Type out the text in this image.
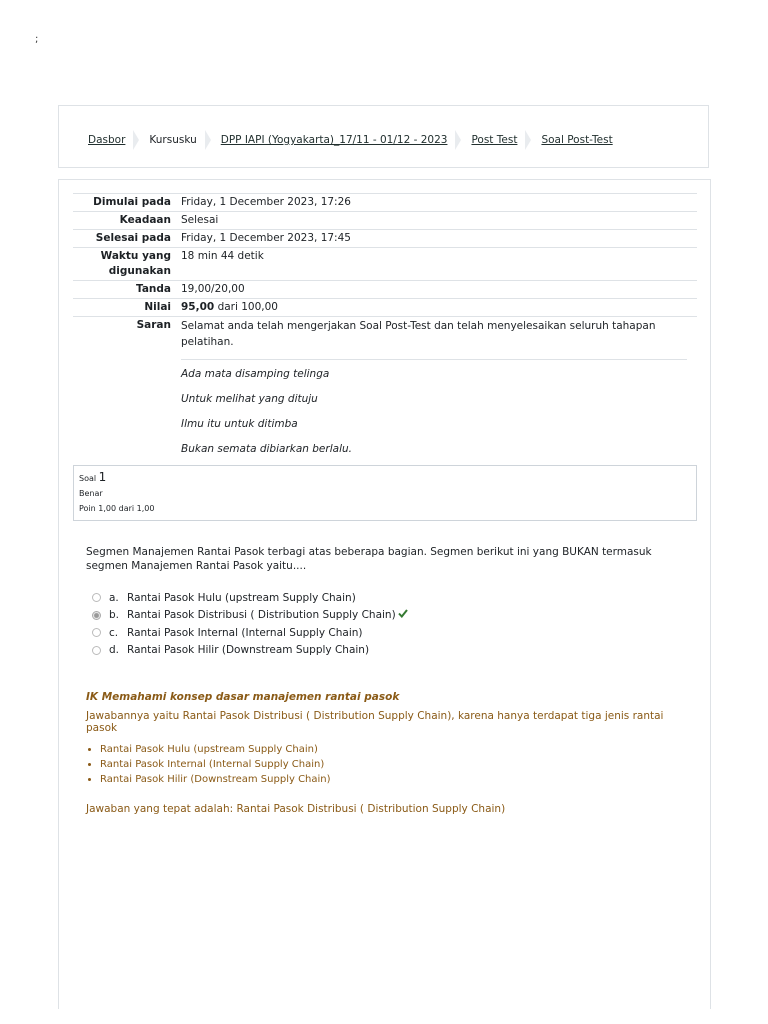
;
Dasbor Kursusku DPP IAPI (Yogyakarta)_17/11 - 01/12 - 2023 Post Test Soal Post-Test
Dimulai pada	Friday, 1 December 2023, 17:26
Keadaan	Selesai
Selesai pada	Friday, 1 December 2023, 17:45
Waktu yang
digunakan	18 min 44 detik
Tanda	19,00/20,00
Nilai	95,00 dari 100,00
Saran	Selamat anda telah mengerjakan Soal Post-Test dan telah menyelesaikan seluruh tahapan pelatihan.

Ada mata disamping telinga

Untuk melihat yang dituju

Ilmu itu untuk ditimba

Bukan semata dibiarkan berlalu.

Soal 1
Benar
Poin 1,00 dari 1,00
Segmen Manajemen Rantai Pasok terbagi atas beberapa bagian. Segmen berikut ini yang BUKAN termasuk segmen Manajemen Rantai Pasok yaitu....
a. Rantai Pasok Hulu (upstream Supply Chain)
b. Rantai Pasok Distribusi ( Distribution Supply Chain)
c. Rantai Pasok Internal (Internal Supply Chain)
d. Rantai Pasok Hilir (Downstream Supply Chain)

IK Memahami konsep dasar manajemen rantai pasok

Jawabannya yaitu Rantai Pasok Distribusi ( Distribution Supply Chain), karena hanya terdapat tiga jenis rantai pasok

• Rantai Pasok Hulu (upstream Supply Chain)
• Rantai Pasok Internal (Internal Supply Chain)
• Rantai Pasok Hilir (Downstream Supply Chain)

Jawaban yang tepat adalah: Rantai Pasok Distribusi ( Distribution Supply Chain)
